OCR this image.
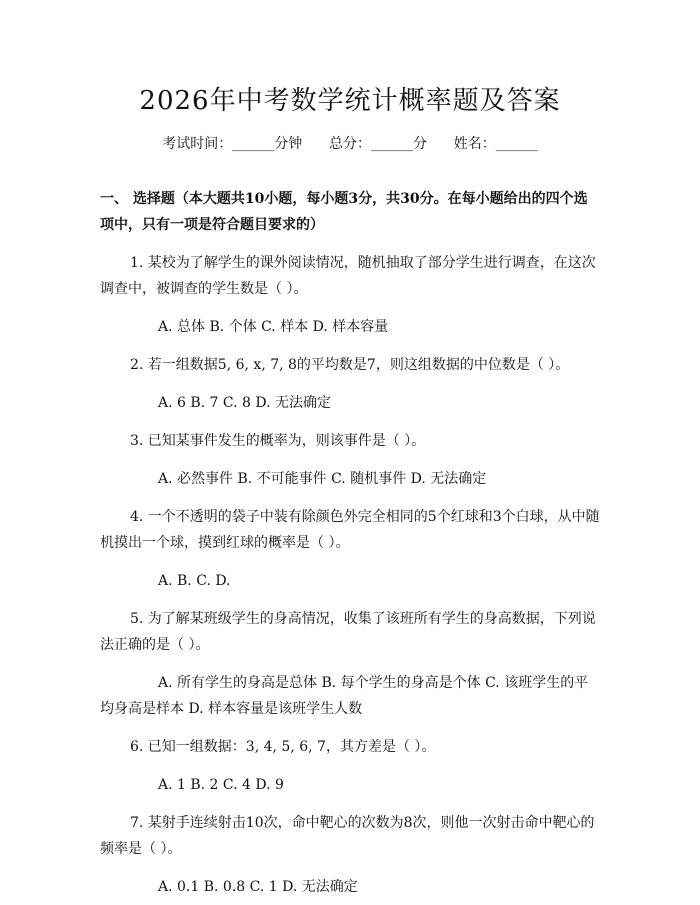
2026年中考数学统计概率题及答案
考试时间：______分钟 总分：______分 姓名：______
一、 选择题（本大题共10小题，每小题3分，共30分。在每小题给出的四个选项中，只有一项是符合题目要求的）

1. 某校为了解学生的课外阅读情况，随机抽取了部分学生进行调查，在这次调查中，被调查的学生数是（ ）。

A. 总体 B. 个体 C. 样本 D. 样本容量

2. 若一组数据5, 6, x, 7, 8的平均数是7，则这组数据的中位数是（ ）。

A. 6 B. 7 C. 8 D. 无法确定

3. 已知某事件发生的概率为，则该事件是（ ）。

A. 必然事件 B. 不可能事件 C. 随机事件 D. 无法确定

4. 一个不透明的袋子中装有除颜色外完全相同的5个红球和3个白球，从中随机摸出一个球，摸到红球的概率是（ ）。

A. B. C. D.

5. 为了解某班级学生的身高情况，收集了该班所有学生的身高数据，下列说法正确的是（ ）。

A. 所有学生的身高是总体 B. 每个学生的身高是个体 C. 该班学生的平均身高是样本 D. 样本容量是该班学生人数

6. 已知一组数据：3, 4, 5, 6, 7，其方差是（ ）。

A. 1 B. 2 C. 4 D. 9

7. 某射手连续射击10次，命中靶心的次数为8次，则他一次射击命中靶心的频率是（ ）。

A. 0.1 B. 0.8 C. 1 D. 无法确定
